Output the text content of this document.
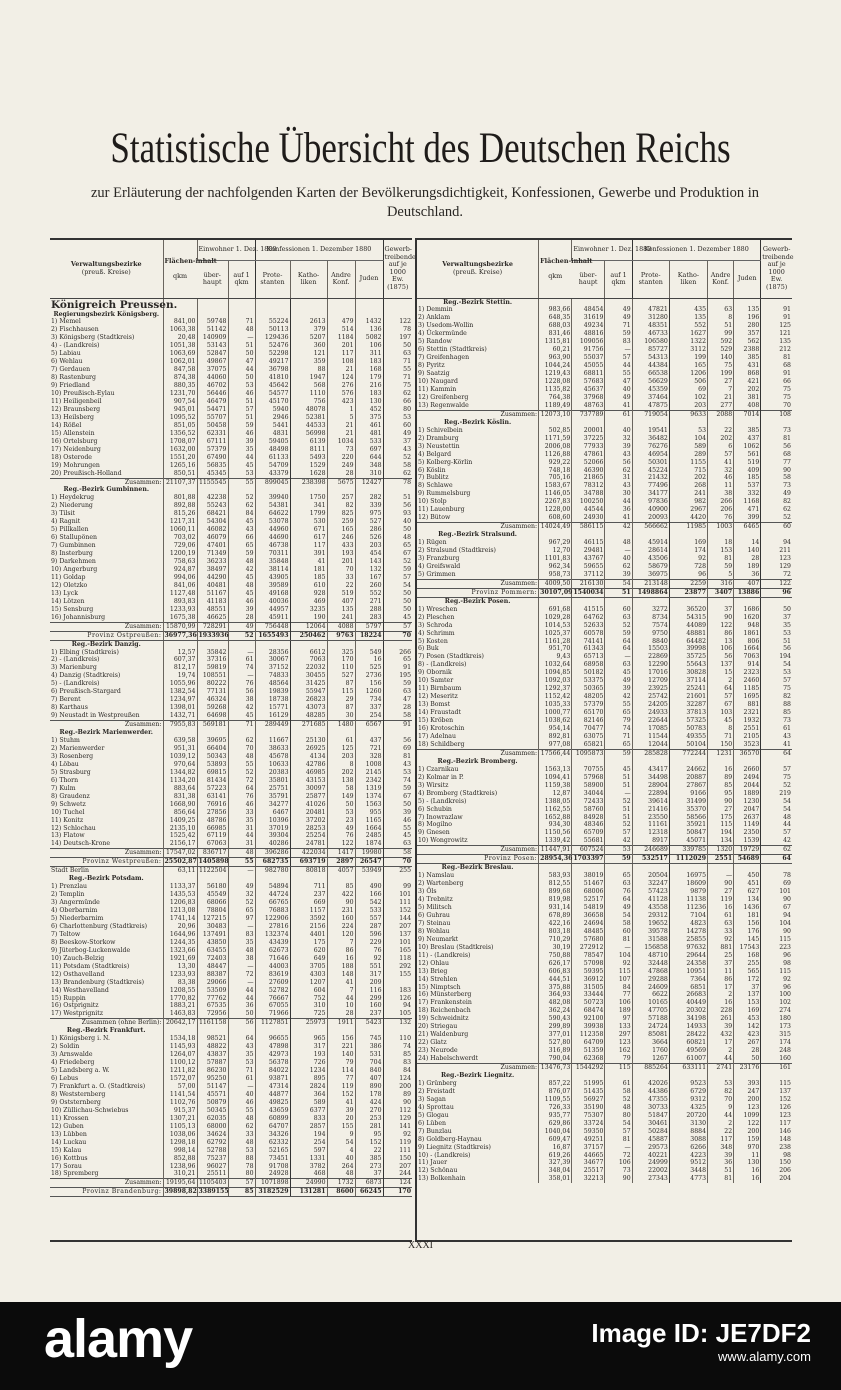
Statistische Übersicht des Deutschen Reichs
zur Erläuterung der nachfolgenden Karten der Bevölkerungsdichtigkeit, Konfessionen, Gewerbe und Produktion in Deutschland.
Verwaltungsbezirke
(preuß. Kreise)	Flächen-inhalt

qkm	Einwohner 1. Dez. 1880		Konfessionen 1. Dezember 1880				Gewerb-treibende auf je 1000 Ew. (1875)
		über-haupt	auf 1 qkm	Prote-stanten	Katho-liken	Andre Konf.	Juden	
Königreich Preussen.								
Regierungsbezirk Königsberg.								
1) Memel	841,00	59748	71	55224	2613	479	1432	122
2) Fischhausen	1063,38	51142	48	50113	379	514	136	78
3) Königsberg (Stadtkreis)	20,48	140909	—	129436	5207	1184	5082	197
4) - (Landkreis)	1051,38	53143	51	52476	360	201	106	50
5) Labiau	1063,69	52847	50	52298	121	117	311	63
6) Wehlau	1062,01	49867	47	49217	359	108	183	71
7) Gerdauen	847,58	37075	44	36798	88	21	168	55
8) Rastenburg	874,38	44060	50	41810	1947	124	179	71
9) Friedland	880,35	46702	53	45642	568	276	216	75
10) Preußisch-Eylau	1231,70	56446	46	54577	1110	576	183	62
11) Heiligenbeil	907,54	46479	51	45170	756	423	130	66
12) Braunsberg	945,01	54471	57	5940	48078	1	452	80
13) Heilsberg	1095,52	55707	51	2946	52381	5	375	53
14) Rößel	851,05	50458	59	5441	44533	21	461	60
15) Allenstein	1356,52	62331	46	4831	56998	21	481	49
16) Ortelsburg	1708,07	67111	39	59405	6139	1034	533	37
17) Neidenburg	1632,00	57379	35	48498	8111	73	697	43
18) Osterode	1551,20	67490	44	61133	5493	220	644	52
19) Mohrungen	1265,16	56835	45	54709	1529	249	348	58
20) Preußisch-Holland	850,51	45345	53	43379	1628	28	310	62
Zusammen:	21107,37	1155545	55	899045	238398	5675	12427	78
Reg.-Bezirk Gumbinnen.								
1) Heydekrug	801,88	42238	52	39940	1750	257	282	51
2) Niederung	892,88	55243	62	54381	341	82	339	56
3) Tilsit	815,26	68421	84	64622	1799	825	975	93
4) Ragnit	1217,31	54304	45	53078	530	259	527	40
5) Pillkallen	1060,11	46082	43	44960	671	165	286	50
6) Stallupönen	703,02	46079	66	44690	617	246	526	48
7) Gumbinnen	729,06	47401	65	46738	117	433	203	65
8) Insterburg	1200,19	71349	59	70311	391	193	454	67
9) Darkehmen	758,63	36233	48	35848	41	201	143	52
10) Angerburg	924,87	38497	42	38114	181	70	132	59
11) Goldap	994,06	44290	45	43905	185	33	167	57
12) Oletzko	841,06	40481	48	39589	610	22	260	54
13) Lyck	1127,48	51167	45	49168	928	519	552	50
14) Lötzen	893,83	41183	46	40036	469	407	271	50
15) Sensburg	1233,93	48551	39	44957	3235	135	288	50
16) Johannisburg	1675,38	46625	28	45911	190	241	283	45
Zusammen:	15870,99	728291	49	756448	12064	4088	5797	57
Provinz Ostpreußen:	36977,36	1933936	52	1655493	250462	9763	18224	70
Reg.-Bezirk Danzig.								
1) Elbing (Stadtkreis)	12,57	35842	—	28356	6612	325	549	266
2) - (Landkreis)	607,37	37316	61	30067	7063	170	16	65
3) Marienburg	812,17	59819	74	37152	22032	110	525	91
4) Danzig (Stadtkreis)	19,74	108551	—	74833	30455	527	2736	195
5) - (Landkreis)	1055,96	80222	76	48564	31425	87	156	59
6) Preußisch-Stargard	1382,54	77131	56	19839	55947	115	1260	63
7) Berent	1234,97	46324	38	18738	26823	29	734	47
8) Karthaus	1398,01	59268	42	15771	43073	87	337	28
9) Neustadt in Westpreußen	1432,71	64698	45	16129	48285	30	254	58
Zusammen:	7955,83	569181	71	289449	271685	1480	6567	91
Reg.-Bezirk Marienwerder.								
1) Stuhm	639,58	39695	62	11667	25130	61	437	56
2) Marienwerder	951,31	66404	70	38633	26925	125	721	69
3) Rosenberg	1039,12	50343	48	45678	4134	203	328	81
4) Löbau	970,64	53893	55	10633	42786	8	1008	43
5) Strasburg	1344,82	69815	52	20383	46985	202	2145	53
6) Thorn	1134,20	81434	72	35801	43153	138	2342	74
7) Kulm	883,64	57223	64	25751	30097	58	1319	59
8) Graudenz	831,38	63141	76	35791	25877	149	1374	67
9) Schwetz	1668,90	76916	46	34277	41026	50	1563	50
10) Tuchel	856,64	27856	33	6467	20481	53	955	39
11) Konitz	1409,25	48786	35	10396	37202	23	1165	46
12) Schlochau	2135,10	66985	31	37019	28253	49	1664	55
13) Flatow	1525,42	67119	44	39304	25254	76	2485	45
14) Deutsch-Krone	2156,17	67063	31	40286	24781	122	1874	63
Zusammen:	17547,02	836717	48	396286	422034	1417	19980	58
Provinz Westpreußen:	25502,87	1405898	55	682735	693719	2897	26547	70
Stadt Berlin	63,11	1122504	—	982780	80818	4057	53949	255
Reg.-Bezirk Potsdam.								
1) Prenzlau	1133,37	56180	49	54894	711	85	490	99
2) Templin	1435,53	45549	32	44724	237	422	166	101
3) Angermünde	1206,83	68066	52	66765	669	90	542	111
4) Oberbarnim	1213,08	78804	65	76883	1157	231	533	152
5) Niederbarnim	1741,14	127215	97	122906	3592	160	557	144
6) Charlottenburg (Stadtkreis)	20,96	30483	—	27816	2156	224	287	207
7) Teltow	1644,96	137491	83	132374	4401	120	596	137
8) Beeskow-Storkow	1244,35	43850	35	43439	175	7	229	101
9) Jüterbog-Luckenwalde	1323,66	63455	48	62673	620	86	76	165
10) Zauch-Belzig	1921,69	72403	38	71646	649	16	92	118
11) Potsdam (Stadtkreis)	13,30	48447	—	44003	3705	188	551	292
12) Osthavelland	1233,93	88387	72	83619	4303	148	317	155
13) Brandenburg (Stadtkreis)	83,38	29066	—	27609	1207	41	209	
14) Westhavelland	1208,55	53509	44	52782	604	7	116	183
15) Ruppin	1770,82	77762	44	76667	752	44	299	126
16) Ostprignitz	1883,21	67535	36	67055	310	10	160	94
17) Westprignitz	1463,83	72956	50	71966	725	28	237	105
Zusammen (ohne Berlin):	20642,17	1161158	56	1127851	25973	1911	5423	132
Reg.-Bezirk Frankfurt.								
1) Königsberg i. N.	1534,18	98521	64	96655	965	156	745	110
2) Soldin	1145,93	48822	43	47898	317	221	386	74
3) Arnswalde	1264,07	43837	35	42973	193	140	531	85
4) Friedeberg	1100,12	57887	53	56378	726	79	704	83
5) Landsberg a. W.	1211,82	86230	71	84022	1234	114	840	84
6) Lebus	1572,07	95250	61	93871	895	77	407	124
7) Frankfurt a. O. (Stadtkreis)	57,00	51147	—	47314	2824	119	890	200
8) Weststernberg	1141,54	45571	40	44877	364	152	178	89
9) Oststernberg	1102,76	50879	46	49825	589	41	424	90
10) Züllichau-Schwiebus	915,37	50345	55	43659	6377	39	270	112
11) Krossen	1307,21	62035	48	60899	833	20	253	129
12) Guben	1105,13	68000	62	64707	2857	155	281	141
13) Lübben	1038,06	34624	33	34326	194	9	95	92
14) Luckau	1298,18	62792	48	62332	254	54	152	119
15) Kalau	998,14	52788	53	52165	597	4	22	111
16) Kottbus	852,88	75237	88	73451	1331	40	385	150
17) Sorau	1238,96	96027	78	91708	3782	264	273	207
18) Spremberg	310,21	25511	80	24928	468	48	37	244
Zusammen:	19195,64	1105403	57	1071898	24990	1732	6873	124
Provinz Brandenburg:	39898,82	3389155	85	3182529	131281	8600	66245	170
Verwaltungsbezirke
(preuß. Kreise)	Flächen-inhalt

qkm	Einwohner 1. Dez. 1880		Konfessionen 1. Dezember 1880				Gewerb-treibende auf je 1000 Ew. (1875)
		über-haupt	auf 1 qkm	Prote-stanten	Katho-liken	Andre Konf.	Juden	
Reg.-Bezirk Stettin.								
1) Demmin	983,66	48454	49	47821	435	63	135	91
2) Anklam	648,35	31619	49	31280	135	8	196	91
3) Usedom-Wollin	688,03	49234	71	48351	552	51	280	125
4) Ückermünde	831,46	48816	59	46733	1627	99	357	121
5) Randow	1315,81	109056	83	106580	1322	592	562	135
6) Stettin (Stadtkreis)	60,21	91756	—	85727	3112	529	2388	212
7) Greifenhagen	963,90	55037	57	54313	199	140	385	81
8) Pyritz	1044,24	45055	44	44384	165	75	431	68
9) Saatzig	1219,43	68811	55	66538	1206	199	868	91
10) Naugard	1228,08	57683	47	56629	506	27	421	66
11) Kammin	1135,82	45637	40	45359	69	7	202	75
12) Greifenberg	764,38	37968	49	37464	102	21	381	75
13) Regenwalde	1189,49	48763	41	47875	203	277	408	70
Zusammen:	12073,10	737789	61	719054	9633	2088	7014	108
Reg.-Bezirk Köslin.								
1) Schivelbein	502,85	20001	40	19541	53	22	385	73
2) Dramburg	1171,59	37225	32	36482	104	202	437	81
3) Neustettin	2006,08	77933	39	76276	589	6	1062	56
4) Belgard	1126,88	47861	43	46954	289	57	561	68
5) Kolberg-Körlin	929,22	52066	56	50301	1155	41	519	77
6) Köslin	748,18	46390	62	45224	715	32	409	90
7) Bublitz	705,16	21865	31	21432	202	46	185	58
8) Schlawe	1583,67	78312	43	77496	268	11	537	73
9) Rummelsburg	1146,05	34788	30	34177	241	38	332	49
10) Stolp	2267,83	100250	44	97836	982	266	1168	82
11) Lauenburg	1228,00	44544	36	40900	2967	206	471	62
12) Bütow	608,60	24930	41	20093	4420	76	399	52
Zusammen:	14024,49	586115	42	566662	11985	1003	6465	60
Reg.-Bezirk Stralsund.								
1) Rügen	967,29	46115	48	45914	169	18	14	94
2) Stralsund (Stadtkreis)	12,70	29481	—	28614	174	153	140	211
3) Franzburg	1101,83	43767	40	43506	92	81	28	123
4) Greifswald	962,34	59655	62	58679	728	59	189	129
5) Grimmen	958,73	37112	39	36975	96	5	36	72
Zusammen:	4009,50	216130	54	213148	2259	316	407	122
Provinz Pommern:	30107,09	1540034	51	1498864	23877	3407	13886	96
Reg.-Bezirk Posen.								
1) Wreschen	691,68	41515	60	3272	36520	37	1686	50
2) Pleschen	1029,28	64762	63	8734	54315	90	1620	37
3) Schroda	1014,53	52633	52	7574	44089	122	948	35
4) Schrimm	1025,37	60578	59	9750	48881	86	1861	53
5) Kosten	1161,28	74141	64	8840	64482	13	806	51
6) Buk	951,70	61343	64	15503	39998	106	1664	56
7) Posen (Stadtkreis)	9,43	65713	—	22869	35725	56	7063	194
8) - (Landkreis)	1032,64	68958	63	12290	55643	137	914	54
9) Obornik	1094,85	50182	45	17016	30828	15	2323	53
10) Samter	1092,03	53375	49	12709	37114	2	2460	57
11) Birnbaum	1292,37	50365	39	23925	25241	64	1185	75
12) Meseritz	1152,42	48205	42	25742	21601	57	1695	82
13) Bomst	1035,33	57379	55	24205	32287	67	881	88
14) Fraustadt	1000,77	65170	65	24933	37813	103	2321	85
15) Kröben	1038,62	82146	79	22644	57325	45	1932	73
16) Krotoschin	954,14	70477	74	17085	50783	8	2551	61
17) Adelnau	892,81	63075	71	11544	49355	71	2105	43
18) Schildberg	977,08	65821	65	12044	50104	150	3523	41
Zusammen:	17566,44	1095873	59	285828	772244	1231	36570	64
Reg.-Bezirk Bromberg.								
1) Czarnikau	1563,13	70755	45	43417	24662	16	2660	57
2) Kolmar in P.	1094,41	57968	51	34498	20887	89	2494	75
3) Wirsitz	1159,38	58900	51	28904	27867	85	2044	52
4) Bromberg (Stadtkreis)	12,87	34044	—	22894	9166	95	1889	219
5) - (Landkreis)	1388,05	72433	52	39614	31499	90	1230	54
6) Schubin	1162,55	58760	51	21416	35370	27	2047	54
7) Inowrazlaw	1652,88	84928	51	23550	58566	175	2637	48
8) Mogilno	934,30	48346	52	11161	35921	115	1149	44
9) Gnesen	1150,56	65709	57	12318	50847	194	2350	57
10) Wongrowitz	1339,42	55681	42	8917	45071	134	1539	42
Zusammen:	11447,91	607524	53	246689	339785	1320	19729	62
Provinz Posen:	28954,36	1703397	59	532517	1112029	2551	54689	64
Reg.-Bezirk Breslau.								
1) Namslau	583,93	38019	65	20504	16975	—	450	78
2) Wartenberg	812,55	51467	63	32247	18609	90	451	69
3) Öls	899,68	68006	76	57423	9879	27	627	101
4) Trebnitz	819,98	52517	64	41128	11138	119	134	90
5) Militsch	931,14	54819	49	43558	11236	16	1436	67
6) Guhrau	678,89	36658	54	29312	7104	61	181	94
7) Steinau	422,16	24694	58	19652	4823	63	156	104
8) Wohlau	803,18	48485	60	39578	14278	33	176	90
9) Neumarkt	710,29	57680	81	31588	25855	92	145	115
10) Breslau (Stadtkreis)	30,19	272912	—	156858	97632	881	17543	223
11) - (Landkreis)	750,88	78547	104	48710	29644	25	168	96
12) Ohlau	626,17	57098	92	32448	24358	37	255	98
13) Brieg	606,83	59395	115	47868	10951	11	565	115
14) Strehlen	444,51	36912	107	29288	7364	86	172	92
15) Nimptsch	375,88	31505	84	24609	6851	17	37	96
16) Münsterberg	364,93	33444	77	6622	26683	2	137	100
17) Frankenstein	482,08	50723	106	10165	40449	16	153	102
18) Reichenbach	362,24	68474	189	47705	20302	228	169	274
19) Schweidnitz	590,43	92100	97	57188	34198	261	453	180
20) Striegau	299,89	39938	133	24724	14933	39	142	173
21) Waldenburg	377,01	112358	297	85081	28422	432	423	315
22) Glatz	527,80	64709	123	3664	60821	17	267	174
23) Neurode	316,89	51359	162	1760	49569	2	28	248
24) Habelschwerdt	790,04	62368	79	1267	61007	44	50	160
Zusammen:	13476,73	1544292	115	885264	633111	2741	23176	161
Reg.-Bezirk Liegnitz.								
1) Grünberg	857,22	51995	61	42026	9523	53	393	115
2) Freistadt	876,07	51435	58	44386	6729	82	247	137
3) Sagan	1109,55	56927	52	47355	9312	70	200	152
4) Sprottau	726,33	35190	48	30733	4325	9	123	126
5) Glogau	935,77	75307	80	51847	20720	44	1099	123
6) Lüben	629,86	33724	54	30461	3130	2	122	117
7) Bunzlau	1040,04	59350	57	50284	8884	22	200	146
8) Goldberg-Haynau	609,47	49251	81	45887	3088	117	159	148
9) Liegnitz (Stadtkreis)	16,87	37157	—	29573	6266	348	970	238
10) - (Landkreis)	619,26	44665	72	40221	4223	39	11	98
11) Jauer	327,39	34677	106	24999	9512	36	130	150
12) Schönau	348,04	25517	73	22002	3448	51	16	206
13) Bolkenhain	358,01	32213	90	27343	4773	81	16	204
XXXI
alamy	Image ID: JE7DF2
www.alamy.com
